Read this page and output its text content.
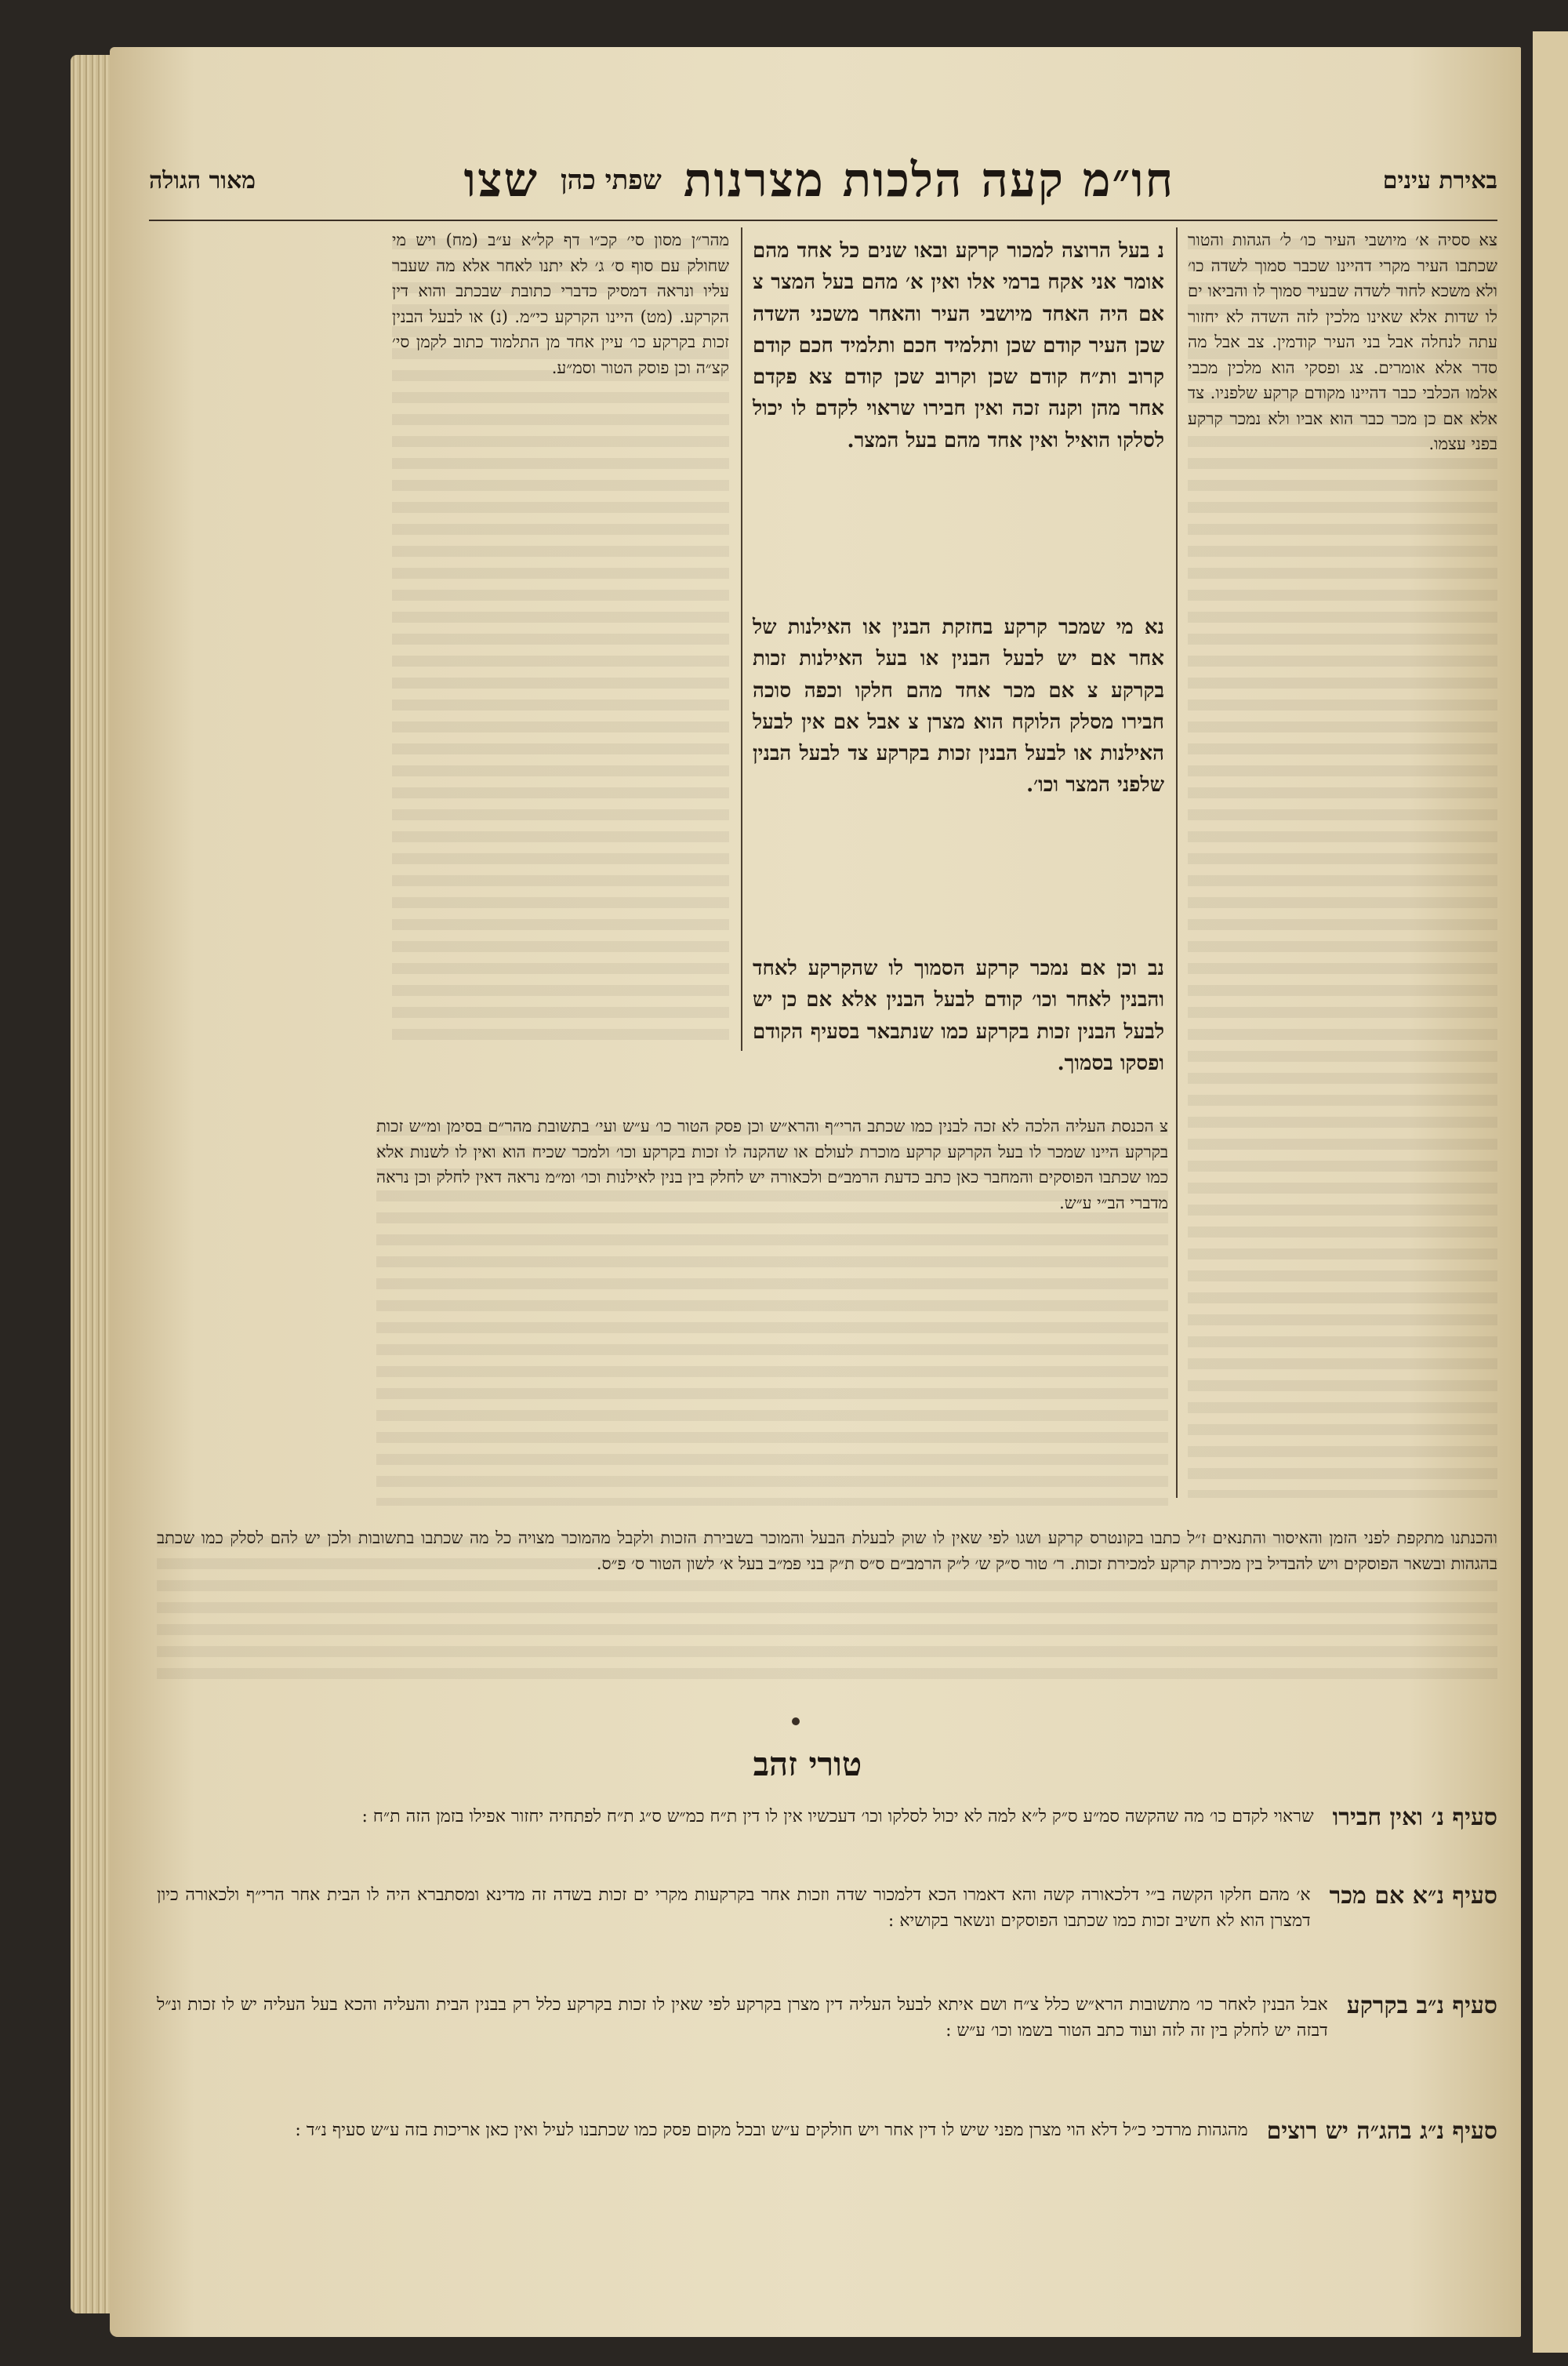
באירת עינים
חו״מ קעה הלכות מצרנות
שפתי כהן
שצו
מאור הגולה
צא ססיה א׳ מיושבי העיר כו׳ ל׳ הגהות והטור שכתבו העיר מקרי דהיינו שכבר סמוך לשדה כו׳ ולא משכא לחוד לשדה שבעיר סמוך לו והביאו ים לו שדות אלא שאינו מלכין לזה השדה לא יחזור עתה לנחלה אבל בני העיר קודמין. צב אבל מה סדר אלא אומרים. צג ופסקי הוא מלכין מכבי אלמו הכלבי כבר דהיינו מקודם קרקע שלפניו. צד אלא אם כן מכר כבר הוא אביו ולא נמכר קרקע בפני עצמו.
נ בעל הרוצה למכור קרקע ובאו שנים כל אחד מהם אומר אני אקח ברמי אלו ואין א׳ מהם בעל המצר צ אם היה האחד מיושבי העיר והאחר משכני השדה שכן העיר קודם שכן ותלמיד חכם ותלמיד חכם קודם קרוב ות״ח קודם שכן וקרוב שכן קודם צא פקדם אחר מהן וקנה זכה ואין חבירו שראוי לקדם לו יכול לסלקו הואיל ואין אחד מהם בעל המצר.
נא מי שמכר קרקע בחזקת הבנין או האילנות של אחר אם יש לבעל הבנין או בעל האילנות זכות בקרקע צ אם מכר אחד מהם חלקו וכפה סוכה חבירו מסלק הלוקח הוא מצרן צ אבל אם אין לבעל האילנות או לבעל הבנין זכות בקרקע צד לבעל הבנין שלפני המצר וכו׳.
נב וכן אם נמכר קרקע הסמוך לו שהקרקע לאחד והבנין לאחר וכו׳ קודם לבעל הבנין אלא אם כן יש לבעל הבנין זכות בקרקע כמו שנתבאר בסעיף הקודם ופסקו בסמוך.
מהר״ן מסון סי׳ קכ״ו דף קל״א ע״ב (מח) ויש מי שחולק עם סוף ס׳ ג׳ לא יתנו לאחר אלא מה שעבר עליו ונראה דמסיק כדברי כתובת שבכתב והוא דין הקרקע. (מט) היינו הקרקע כי״מ. (נ) או לבעל הבנין זכות בקרקע כו׳ עיין אחד מן התלמוד כתוב לקמן סי׳ קצ״ה וכן פוסק הטור וסמ״ע.
צ הכנסת העליה הלכה לא זכה לבנין כמו שכתב הרי״ף והרא״ש וכן פסק הטור כו׳ ע״ש ועי׳ בתשובת מהר״ם בסימן ומ״ש זכות בקרקע היינו שמכר לו בעל הקרקע קרקע מוכרת לעולם או שהקנה לו זכות בקרקע וכו׳ ולמכר שכיח הוא ואין לו לשנות אלא כמו שכתבו הפוסקים והמחבר כאן כתב כדעת הרמב״ם ולכאורה יש לחלק בין בנין לאילנות וכו׳ ומ״מ נראה דאין לחלק וכן נראה מדברי הב״י ע״ש.
והכנתנו מתקפת לפני הזמן והאיסור והתנאים ז״ל כתבו בקונטרס קרקע ושגו לפי שאין לו שוק לבעלת הבעל והמוכר בשבירת הזכות ולקבל מהמוכר מצויה כל מה שכתבו בתשובות ולכן יש להם לסלק כמו שכתב בהגהות ובשאר הפוסקים ויש להבדיל בין מכירת קרקע למכירת זכות. ר׳ טור ס״ק ש׳ ל״ק הרמב״ם ס״ס ת״ק בני פמ״ב בעל א׳ לשון הטור ס׳ פ״ס.
טורי זהב
סעיף נ׳ ואין חבירו
שראוי לקדם כו׳ מה שהקשה סמ״ע ס״ק ל״א למה לא יכול לסלקו וכו׳ דעכשיו אין לו דין ת״ח כמ״ש ס״ג ת״ח לפתחיה יחזור אפילו בזמן הזה ת״ח :
סעיף נ״א אם מכר
א׳ מהם חלקו הקשה ב״י דלכאורה קשה והא דאמרו הכא דלמכור שדה וזכות אחר בקרקעות מקרי ים זכות בשדה זה מדינא ומסתברא היה לו הבית אחר הרי״ף ולכאורה כיון דמצרן הוא לא חשיב זכות כמו שכתבו הפוסקים ונשאר בקושיא :
סעיף נ״ב בקרקע
אבל הבנין לאחר כו׳ מתשובות הרא״ש כלל צ״ח ושם איתא לבעל העליה דין מצרן בקרקע לפי שאין לו זכות בקרקע כלל רק בבנין הבית והעליה והכא בעל העליה יש לו זכות ונ״ל דבזה יש לחלק בין זה לזה ועוד כתב הטור בשמו וכו׳ ע״ש :
סעיף נ״ג בהג״ה יש רוצים
מהגהות מרדכי כ״ל דלא הוי מצרן מפני שיש לו דין אחר ויש חולקים ע״ש ובכל מקום פסק כמו שכתבנו לעיל ואין כאן אריכות בזה ע״ש סעיף נ״ד :
